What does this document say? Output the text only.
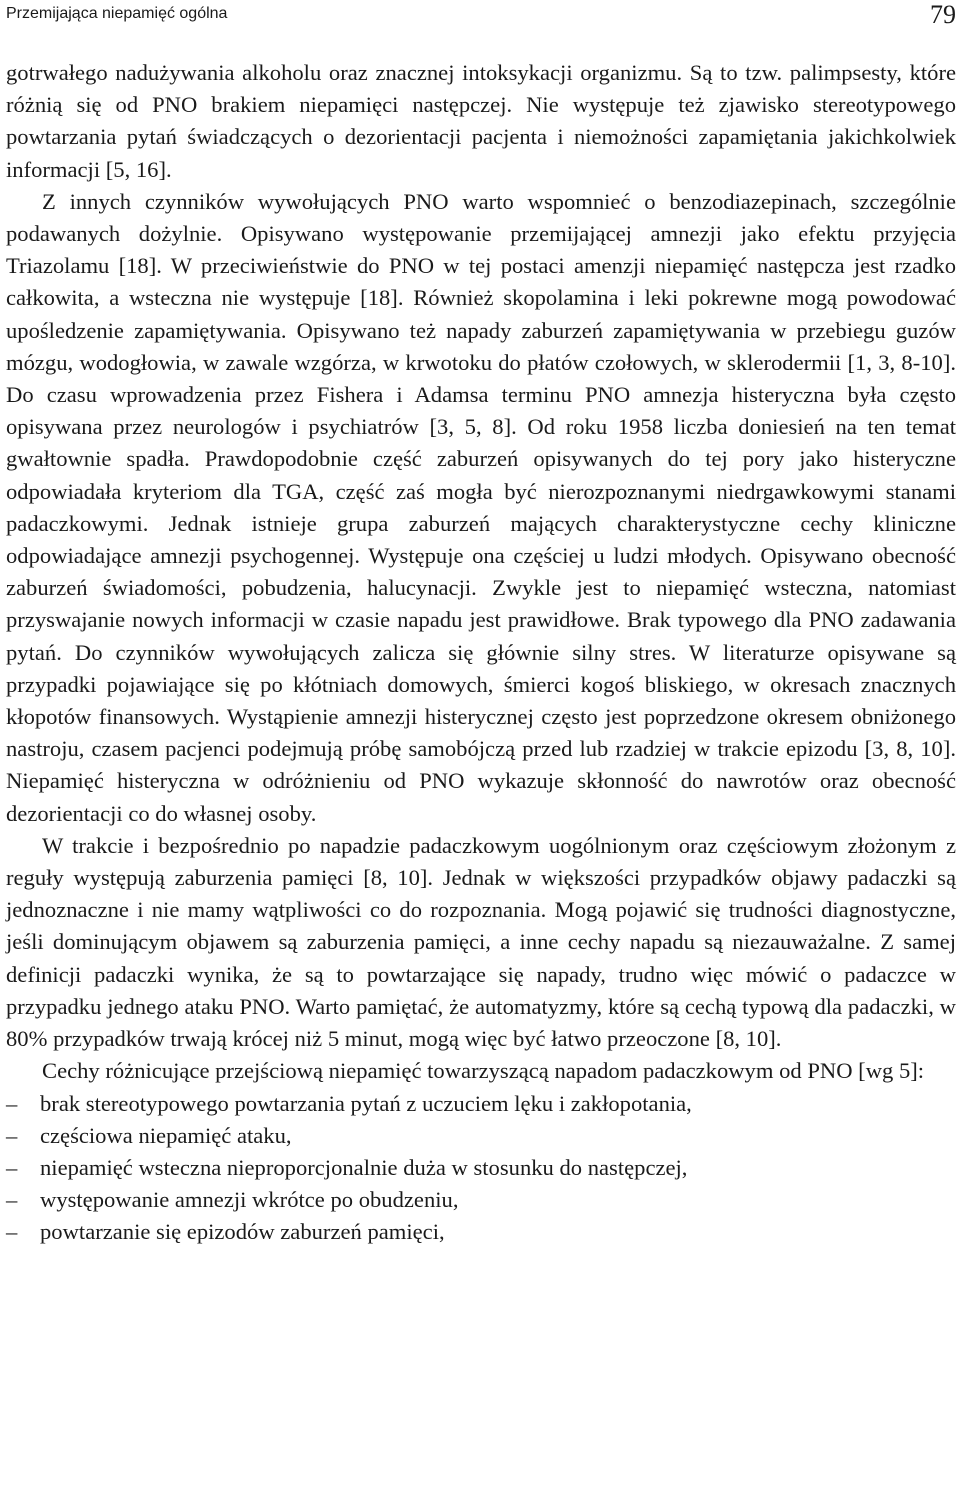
Przemijająca niepamięć ogólna	79

gotrwałego nadużywania alkoholu oraz znacznej intoksykacji organizmu. Są to tzw. palimpsesty, które różnią się od PNO brakiem niepamięci następczej. Nie występuje też zjawisko stereotypowego powtarzania pytań świadczących o dezorientacji pacjenta i niemożności zapamiętania jakichkolwiek informacji [5, 16].

Z innych czynników wywołujących PNO warto wspomnieć o benzodiazepinach, szczególnie podawanych dożylnie. Opisywano występowanie przemijającej amnezji jako efektu przyjęcia Triazolamu [18]. W przeciwieństwie do PNO w tej postaci amenzji niepamięć następcza jest rzadko całkowita, a wsteczna nie występuje [18]. Również skopolamina i leki pokrewne mogą powodować upośledzenie zapamiętywania. Opisywano też napady zaburzeń zapamiętywania w przebiegu guzów mózgu, wodogłowia, w zawale wzgórza, w krwotoku do płatów czołowych, w sklerodermii [1, 3, 8-10]. Do czasu wprowadzenia przez Fishera i Adamsa terminu PNO amnezja histeryczna była często opisywana przez neurologów i psychiatrów [3, 5, 8]. Od roku 1958 liczba doniesień na ten temat gwałtownie spadła. Prawdopodobnie część zaburzeń opisywanych do tej pory jako histeryczne odpowiadała kryteriom dla TGA, część zaś mogła być nierozpoznanymi niedrgawkowymi stanami padaczkowymi. Jednak istnieje grupa zaburzeń mających charakterystyczne cechy kliniczne odpowiadające amnezji psychogennej. Występuje ona częściej u ludzi młodych. Opisywano obecność zaburzeń świadomości, pobudzenia, halucynacji. Zwykle jest to niepamięć wsteczna, natomiast przyswajanie nowych informacji w czasie napadu jest prawidłowe. Brak typowego dla PNO zadawania pytań. Do czynników wywołujących zalicza się głównie silny stres. W literaturze opisywane są przypadki pojawiające się po kłótniach domowych, śmierci kogoś bliskiego, w okresach znacznych kłopotów finansowych. Wystąpienie amnezji histerycznej często jest poprzedzone okresem obniżonego nastroju, czasem pacjenci podejmują próbę samobójczą przed lub rzadziej w trakcie epizodu [3, 8, 10]. Niepamięć histeryczna w odróżnieniu od PNO wykazuje skłonność do nawrotów oraz obecność dezorientacji co do własnej osoby.

W trakcie i bezpośrednio po napadzie padaczkowym uogólnionym oraz częściowym złożonym z reguły występują zaburzenia pamięci [8, 10]. Jednak w większości przypadków objawy padaczki są jednoznaczne i nie mamy wątpliwości co do rozpoznania. Mogą pojawić się trudności diagnostyczne, jeśli dominującym objawem są zaburzenia pamięci, a inne cechy napadu są niezauważalne. Z samej definicji padaczki wynika, że są to powtarzające się napady, trudno więc mówić o padaczce w przypadku jednego ataku PNO. Warto pamiętać, że automatyzmy, które są cechą typową dla padaczki, w 80% przypadków trwają krócej niż 5 minut, mogą więc być łatwo przeoczone [8, 10].

Cechy różnicujące przejściową niepamięć towarzyszącą napadom padaczkowym od PNO [wg 5]:

– brak stereotypowego powtarzania pytań z uczuciem lęku i zakłopotania,
– częściowa niepamięć ataku,
– niepamięć wsteczna nieproporcjonalnie duża w stosunku do następczej,
– występowanie amnezji wkrótce po obudzeniu,
– powtarzanie się epizodów zaburzeń pamięci,
